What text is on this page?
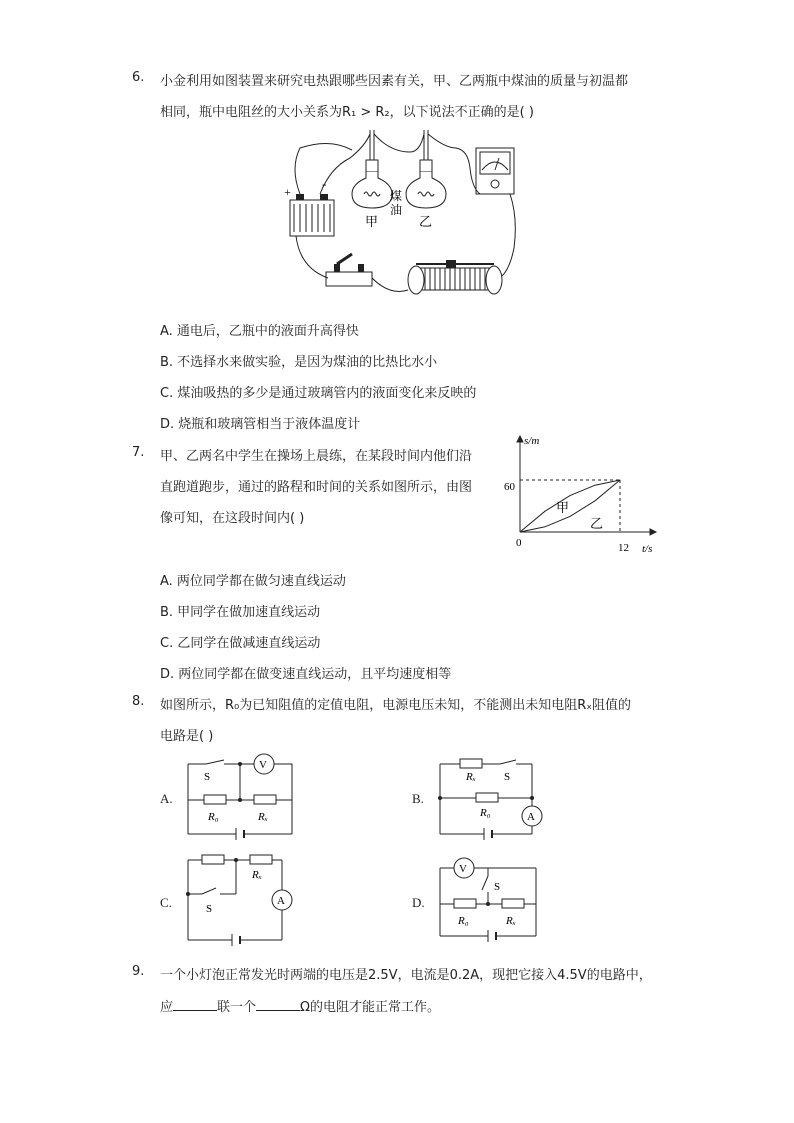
6. 小金利用如图装置来研究电热跟哪些因素有关，甲、乙两瓶中煤油的质量与初温都
相同，瓶中电阻丝的大小关系为R₁ > R₂，以下说法不正确的是( )
+
-
煤
油
甲	乙
A. 通电后，乙瓶中的液面升高得快
B. 不选择水来做实验，是因为煤油的比热比水小
C. 煤油吸热的多少是通过玻璃管内的液面变化来反映的
D. 烧瓶和玻璃管相当于液体温度计
7. 甲、乙两名中学生在操场上晨练，在某段时间内他们沿
直跑道跑步，通过的路程和时间的关系如图所示，由图
像可知，在这段时间内( )
s/m
t/s
0	12
60
甲
乙
A. 两位同学都在做匀速直线运动
B. 甲同学在做加速直线运动
C. 乙同学在做减速直线运动
D. 两位同学都在做变速直线运动，且平均速度相等
8. 如图所示，R₀为已知阻值的定值电阻，电源电压未知，不能测出未知电阻Rₓ阻值的
电路是( )
A.
V
S
R₀	Rₓ
B.
A
Rₓ	S
R₀
C.	A
Rₓ
S	D.
V
S
R₀	Rₓ
9. 一个小灯泡正常发光时两端的电压是2.5V，电流是0.2A，现把它接入4.5V的电路中，
应	联一个	Ω的电阻才能正常工作。
